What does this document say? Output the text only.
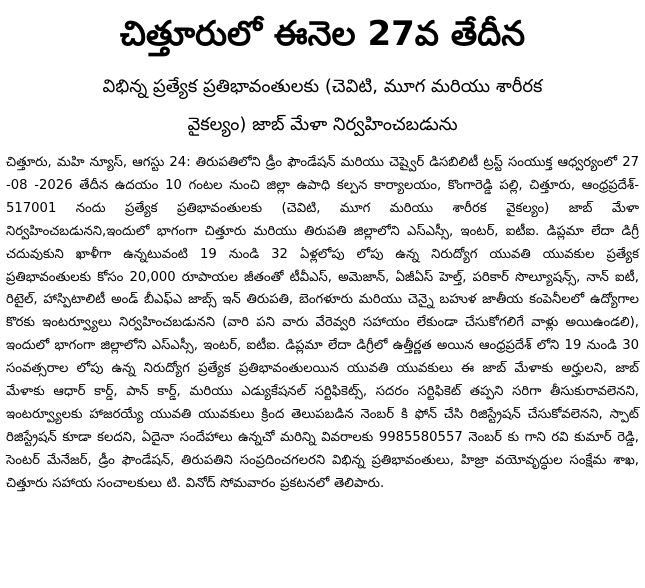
చిత్తూరులో ఈనెల 27వ తేదీన
విభిన్న ప్రత్యేక ప్రతిభావంతులకు (చెవిటి, మూగ మరియు శారీరక
వైకల్యం) జాబ్ మేళా నిర్వహించబడును

చిత్తూరు, మహి న్యూస్, ఆగస్టు 24: తిరుపతిలోని డ్రీం ఫౌండేషన్ మరియు చెష్వైర్ డిసబిలిటీ ట్రస్ట్ సంయుక్త ఆధ్వర్యంలో 27 -08 -2026 తేదీన ఉదయం 10 గంటల నుంచి జిల్లా ఉపాధి కల్పన కార్యాలయం, కొంగారెడ్డి పల్లి, చిత్తూరు, ఆంధ్రప్రదేశ్- 517001 నందు ప్రత్యేక ప్రతిభావంతులకు (చెవిటి, మూగ మరియు శారీరక వైకల్యం) జాబ్ మేళా నిర్వహించబడునని,ఇందులో భాగంగా చిత్తూరు మరియు తిరుపతి జిల్లాలోని ఎస్ఎస్సీ, ఇంటర్, ఐటీఐ. డిప్లమా లేదా డిగ్రీ చదువుకుని ఖాళీగా ఉన్నటువంటి 19 నుండి 32 ఏళ్లలోపు లోపు ఉన్న నిరుద్యోగ యువతి యువకుల ప్రత్యేక ప్రతిభావంతులకు కోసం 20,000 రూపాయల జీతంతో టీవీఎస్, అమెజాన్, ఏజీఏస్ హెల్త్, పరికార్ సొల్యూషన్స్, నాన్ ఐటీ, రిటైల్, హాస్పిటాలిటీ అండ్ బీఎఫ్ఎ జాబ్స్ ఇన్ తిరుపతి, బెంగళూరు మరియు చెన్నై బహుళ జాతీయ కంపెనీలలో ఉద్యోగాల కొరకు ఇంటర్వ్యూలు నిర్వహించబడునని (వారి పని వారు వేరెవ్వరి సహాయం లేకుండా చేసుకోగలిగే వాళ్లు అయిఉండలి), ఇందులో భాగంగా జిల్లాలోని ఎస్ఎస్సీ, ఇంటర్, ఐటీఐ. డిప్లమా లేదా డిగ్రీలో ఉత్తీర్ణత అయిన ఆంధ్రప్రదేశ్ లోని 19 నుండి 30 సంవత్సరాల లోపు ఉన్న నిరుద్యోగ ప్రత్యేక ప్రతిభావంతులయిన యువతి యువకులు ఈ జాబ్ మేళాకు అర్హులని, జాబ్ మేళాకు ఆధార్ కార్డ్, పాన్ కార్డ్, మరియు ఎడ్యుకేషనల్ సర్టిఫికెట్స్, సదరం సర్టిఫికెట్ తప్పని సరిగా తీసుకురావలెనని, ఇంటర్వ్యూలకు హాజరయ్యే యువతి యువకులు క్రింద తెలుపబడిన నెంబర్ కి ఫోన్ చేసి రిజిస్ట్రేషన్ చేసుకోవలెనని, స్పాట్ రిజిస్ట్రేషన్ కూడా కలదని, ఏదైనా సందేహాలు ఉన్నచో మరిన్ని వివరాలకు 9985580557 నెంబర్ కు గాని రవి కుమార్ రెడ్డి, సెంటర్ మేనేజర్, డ్రీం ఫౌండేషన్, తిరుపతిని సంప్రదించగలరని విభిన్న ప్రతిభావంతులు, హిజ్రా వయోవృద్ధుల సంక్షేమ శాఖ, చిత్తూరు సహాయ సంచాలకులు టి. వినోద్ సోమవారం ప్రకటనలో తెలిపారు.
